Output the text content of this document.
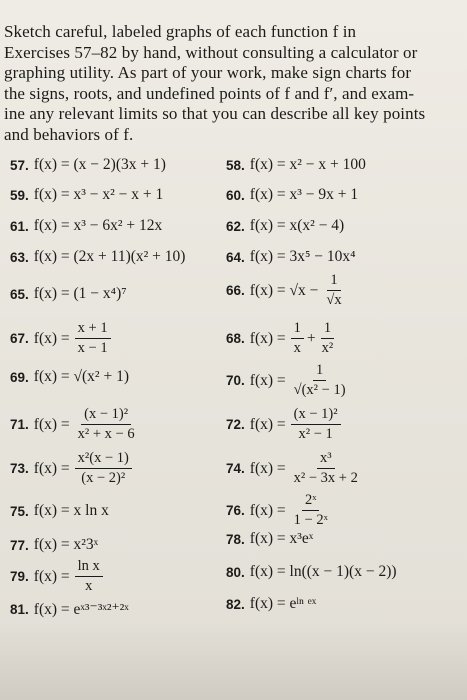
Sketch careful, labeled graphs of each function f in
Exercises 57–82 by hand, without consulting a calculator or
graphing utility. As part of your work, make sign charts for
the signs, roots, and undefined points of f and f′, and exam-
ine any relevant limits so that you can describe all key points
and behaviors of f.
57. f(x) = (x − 2)(3x + 1)	58. f(x) = x² − x + 100
59. f(x) = x³ − x² − x + 1	60. f(x) = x³ − 9x + 1
61. f(x) = x³ − 6x² + 12x	62. f(x) = x(x² − 4)
63. f(x) = (2x + 11)(x² + 10)	64. f(x) = 3x⁵ − 10x⁴
65. f(x) = (1 − x⁴)⁷	66. $f(x) = √x - \frac{1}{√x}$
67. $f(x) = \frac{x + 1}{x - 1}$	68. $f(x) = \frac{1}{x} + \frac{1}{\text{x²}}$
69. f(x) = √(x² + 1)	70. $f(x) = \frac{1}{\text{√(x² − 1)}}$
71. $f(x) = \frac{\text{(x − 1)²}}{\text{x² + x − 6}}$	72. $f(x) = \frac{\text{(x − 1)²}}{\text{x² − 1}}$
73. $f(x) = \frac{\text{x²(x − 1)}}{\text{(x − 2)²}}$	74. $f(x) = \frac{\text{x³}}{\text{x² − 3x + 2}}$
75. f(x) = x ln x	76. $f(x) = \frac{\text{2ˣ}}{\text{1 − 2ˣ}}$
77. f(x) = x²3ˣ	78. f(x) = x³eˣ
79. $f(x) = \frac{\text{ln x}}{x}$	80. f(x) = ln((x − 1)(x − 2))
81. f(x) = eˣ³⁻³ˣ²⁺²ˣ	82. f(x) = eˡⁿ ᵉˣ
